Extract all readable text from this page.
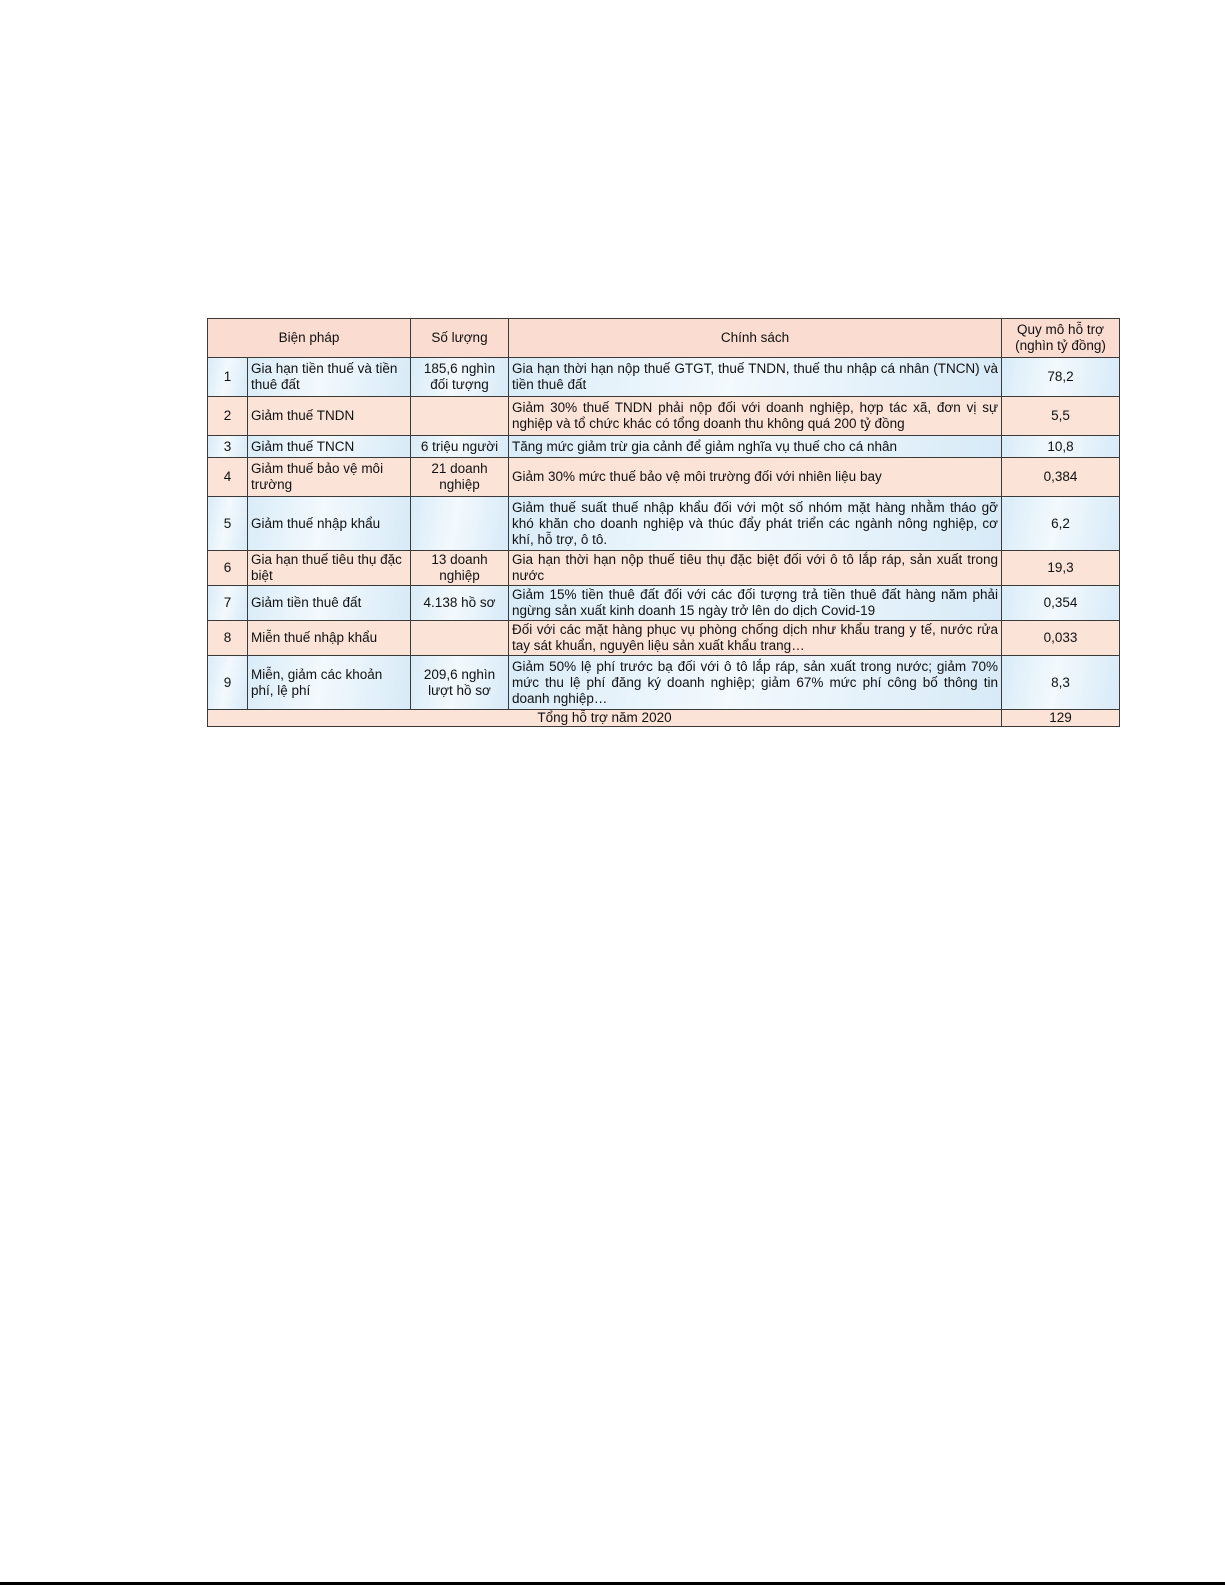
Biện pháp		Số lượng	Chính sách	Quy mô hỗ trợ (nghìn tỷ đồng)
1	Gia hạn tiền thuế và tiền thuê đất	185,6 nghìn đối tượng	Gia hạn thời hạn nộp thuế GTGT, thuế TNDN, thuế thu nhập cá nhân (TNCN) và tiền thuê đất	78,2
2	Giảm thuế TNDN		Giảm 30% thuế TNDN phải nộp đối với doanh nghiệp, hợp tác xã, đơn vị sự nghiệp và tổ chức khác có tổng doanh thu không quá 200 tỷ đồng	5,5
3	Giảm thuế TNCN	6 triệu người	Tăng mức giảm trừ gia cảnh để giảm nghĩa vụ thuế cho cá nhân	10,8
4	Giảm thuế bảo vệ môi trường	21 doanh nghiệp	Giảm 30% mức thuế bảo vệ môi trường đối với nhiên liệu bay	0,384
5	Giảm thuế nhập khẩu		Giảm thuế suất thuế nhập khẩu đối với một số nhóm mặt hàng nhằm tháo gỡ khó khăn cho doanh nghiệp và thúc đẩy phát triển các ngành nông nghiệp, cơ khí, hỗ trợ, ô tô.	6,2
6	Gia hạn thuế tiêu thụ đặc biệt	13 doanh nghiệp	Gia hạn thời hạn nộp thuế tiêu thụ đặc biệt đối với ô tô lắp ráp, sản xuất trong nước	19,3
7	Giảm tiền thuê đất	4.138 hồ sơ	Giảm 15% tiền thuê đất đối với các đối tượng trả tiền thuê đất hàng năm phải ngừng sản xuất kinh doanh 15 ngày trở lên do dịch Covid-19	0,354
8	Miễn thuế nhập khẩu		Đối với các mặt hàng phục vụ phòng chống dịch như khẩu trang y tế, nước rửa tay sát khuẩn, nguyên liệu sản xuất khẩu trang…	0,033
9	Miễn, giảm các khoản phí, lệ phí	209,6 nghìn lượt hồ sơ	Giảm 50% lệ phí trước bạ đối với ô tô lắp ráp, sản xuất trong nước; giảm 70% mức thu lệ phí đăng ký doanh nghiệp; giảm 67% mức phí công bố thông tin doanh nghiệp…	8,3
Tổng hỗ trợ năm 2020				129
